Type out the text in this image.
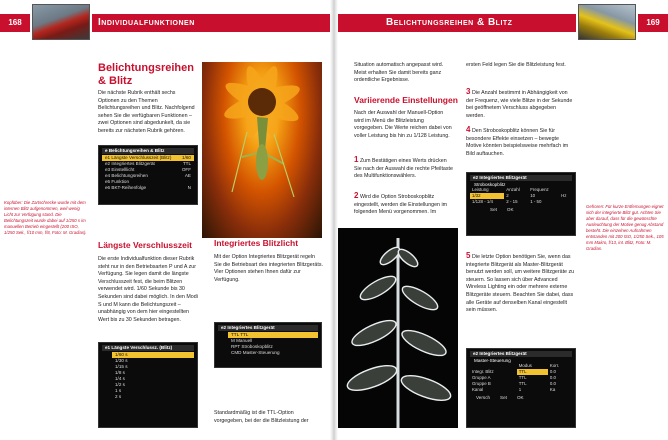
168	Individualfunktionen	Belichtungsreihen & Blitz	169
Belichtungsreihen & Blitz
Die nächste Rubrik enthält sechs Optionen zu den Themen Belichtungsreihen und Blitz. Nachfolgend sehen Sie die verfügbaren Funktionen – zwei Optionen sind abgedunkelt, da sie bereits zur nächsten Rubrik gehören.
e Belichtungsreihen & Blitz
e1 Längste Verschlusszeit (Blitz) 1/60
e2 Integriertes Blitzgerät	TTL
e3 Einstelllicht	OFF
e4 Belichtungsreihen	AE
e5 Funktion
e6 BKT-Reihenfolge	N
Kopfüber: Die Zartschrecke wurde mit dem internen Blitz aufgenommen, weil wenig Licht zur Verfügung stand. Die Belichtungszeit wurde dabei auf 1/250 s im manuellen Betrieb eingestellt (200 ISO, 1/250 Sek., f/10 mm, f/8, Foto: M. Gradias).
Längste Verschlusszeit
Die erste Individualfunktion dieser Rubrik steht nur in den Betriebsarten P und A zur Verfügung. Sie legen damit die längste Verschlusszeit fest, die beim Blitzen verwendet wird. 1/60 Sekunde bis 30 Sekunden sind dabei möglich. In den Modi S und M kann die Belichtungszeit – unabhängig von dem hier eingestellten Wert bis zu 30 Sekunden betragen.
e1 Längste Verschlussz. (Blitz)
1/60 s
1/30 s
1/15 s
1/8 s
1/4 s
1/2 s
1 s
2 s
Integriertes Blitzlicht
Mit der Option Integriertes Blitzgerät regeln Sie die Betriebsart des integrierten Blitzgeräts. Vier Optionen stehen Ihnen dafür zur Verfügung.
e2 Integriertes Blitzgerät
TTL TTL
M Manuell
RPT Stroboskopblitz
CMD Master-Steuerung
Standardmäßig ist die TTL-Option vorgegeben, bei der die Blitzleistung der
Situation automatisch angepasst wird. Meist erhalten Sie damit bereits ganz ordentliche Ergebnisse.
Variierende Einstellungen
Nach der Auswahl der Manuell-Option wird im Menü die Blitzleistung vorgegeben. Die Werte reichen dabei von voller Leistung bis hin zu 1/128 Leistung.
1 Zum Bestätigen eines Werts drücken Sie nach der Auswahl die rechte Pfeiltaste des Multifunktionswählers.
2 Wird die Option Stroboskopblitz eingestellt, werden die Einstellungen im folgenden Menü vorgenommen. Im
ersten Feld legen Sie die Blitzleistung fest.
3 Die Anzahl bestimmt in Abhängigkeit von der Frequenz, wie viele Blitze in der Sekunde bei geöffnetem Verschluss abgegeben werden.
4 Den Stroboskopblitz können Sie für besondere Effekte einsetzen – bewegte Motive könnten beispielsweise mehrfach im Bild auftauchen.
e2 Integriertes Blitzgerät
Stroboskopblitz
Leistung	Anzahl	Frequenz	
1/32	2	10	Hz
1/128 - 1/4	2 - 15	1 - 50	
Set OK
5 Die letzte Option benötigen Sie, wenn das integrierte Blitzgerät als Master-Blitzgerät benutzt werden soll, um weitere Blitzgeräte zu steuern. So lassen sich über Advanced Wireless Lighting ein oder mehrere externe Blitzgeräte steuern. Beachten Sie dabei, dass alle Geräte auf denselben Kanal eingestellt sein müssen.
e2 Integriertes Blitzgerät
Master-Steuerung
	Modus	Korr.
Integr. Blitz	TTL	0.0
Gruppe A	TTL	0.0
Gruppe B	TTL	0.0
Kanal	1	Ka
Versch Set OK
Gefroren: Für kurze Entfernungen eignet sich der integrierte Blitz gut. Achten Sie aber darauf, dass für die gewünschte Ausleuchtung der Motive genug Abstand besteht. Die einzelnen Aufnahmen entstanden mit 200 ISO, 1/250 Sek., 105 mm Makro, f/13, int. Blitz, Foto: M. Gradias.
